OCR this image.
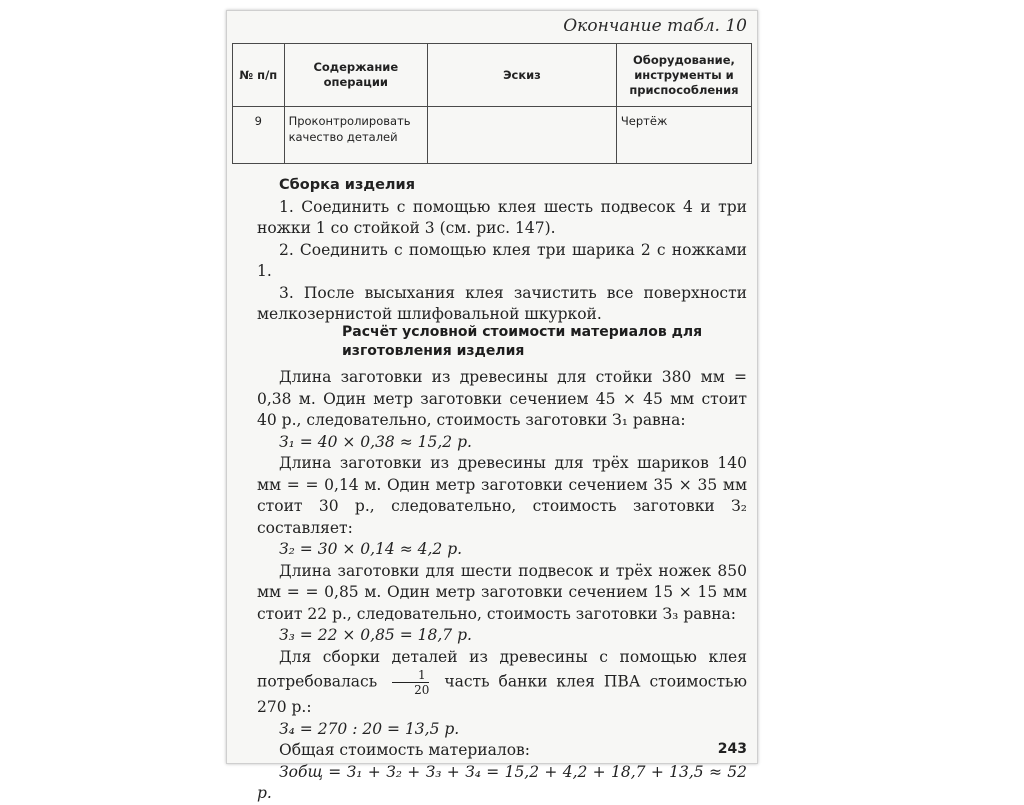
Окончание табл. 10
№ п/п	Содержание операции	Эскиз	Оборудование, инструменты и приспособления
9	Проконтролировать качество деталей		Чертёж

Сборка изделия

1. Соединить с помощью клея шесть подвесок 4 и три ножки 1 со стойкой 3 (см. рис. 147).

2. Соединить с помощью клея три шарика 2 с ножками 1.

3. После высыхания клея зачистить все поверхности мелкозернистой шлифовальной шкуркой.

Расчёт условной стоимости материалов для изготовления изделия

Длина заготовки из древесины для стойки 380 мм = 0,38 м. Один метр заготовки сечением 45 × 45 мм стоит 40 р., следовательно, стоимость заготовки З₁ равна:

З₁ = 40 × 0,38 ≈ 15,2 р.

Длина заготовки из древесины для трёх шариков 140 мм = = 0,14 м. Один метр заготовки сечением 35 × 35 мм стоит 30 р., следовательно, стоимость заготовки З₂ составляет:

З₂ = 30 × 0,14 ≈ 4,2 р.

Длина заготовки для шести подвесок и трёх ножек 850 мм = = 0,85 м. Один метр заготовки сечением 15 × 15 мм стоит 22 р., следовательно, стоимость заготовки З₃ равна:

З₃ = 22 × 0,85 = 18,7 р.

Для сборки деталей из древесины с помощью клея потребовалась $\frac{1}{20}$ часть банки клея ПВА стоимостью 270 р.:

З₄ = 270 : 20 = 13,5 р.

Общая стоимость материалов:

Зобщ = З₁ + З₂ + З₃ + З₄ = 15,2 + 4,2 + 18,7 + 13,5 ≈ 52 р.

243
